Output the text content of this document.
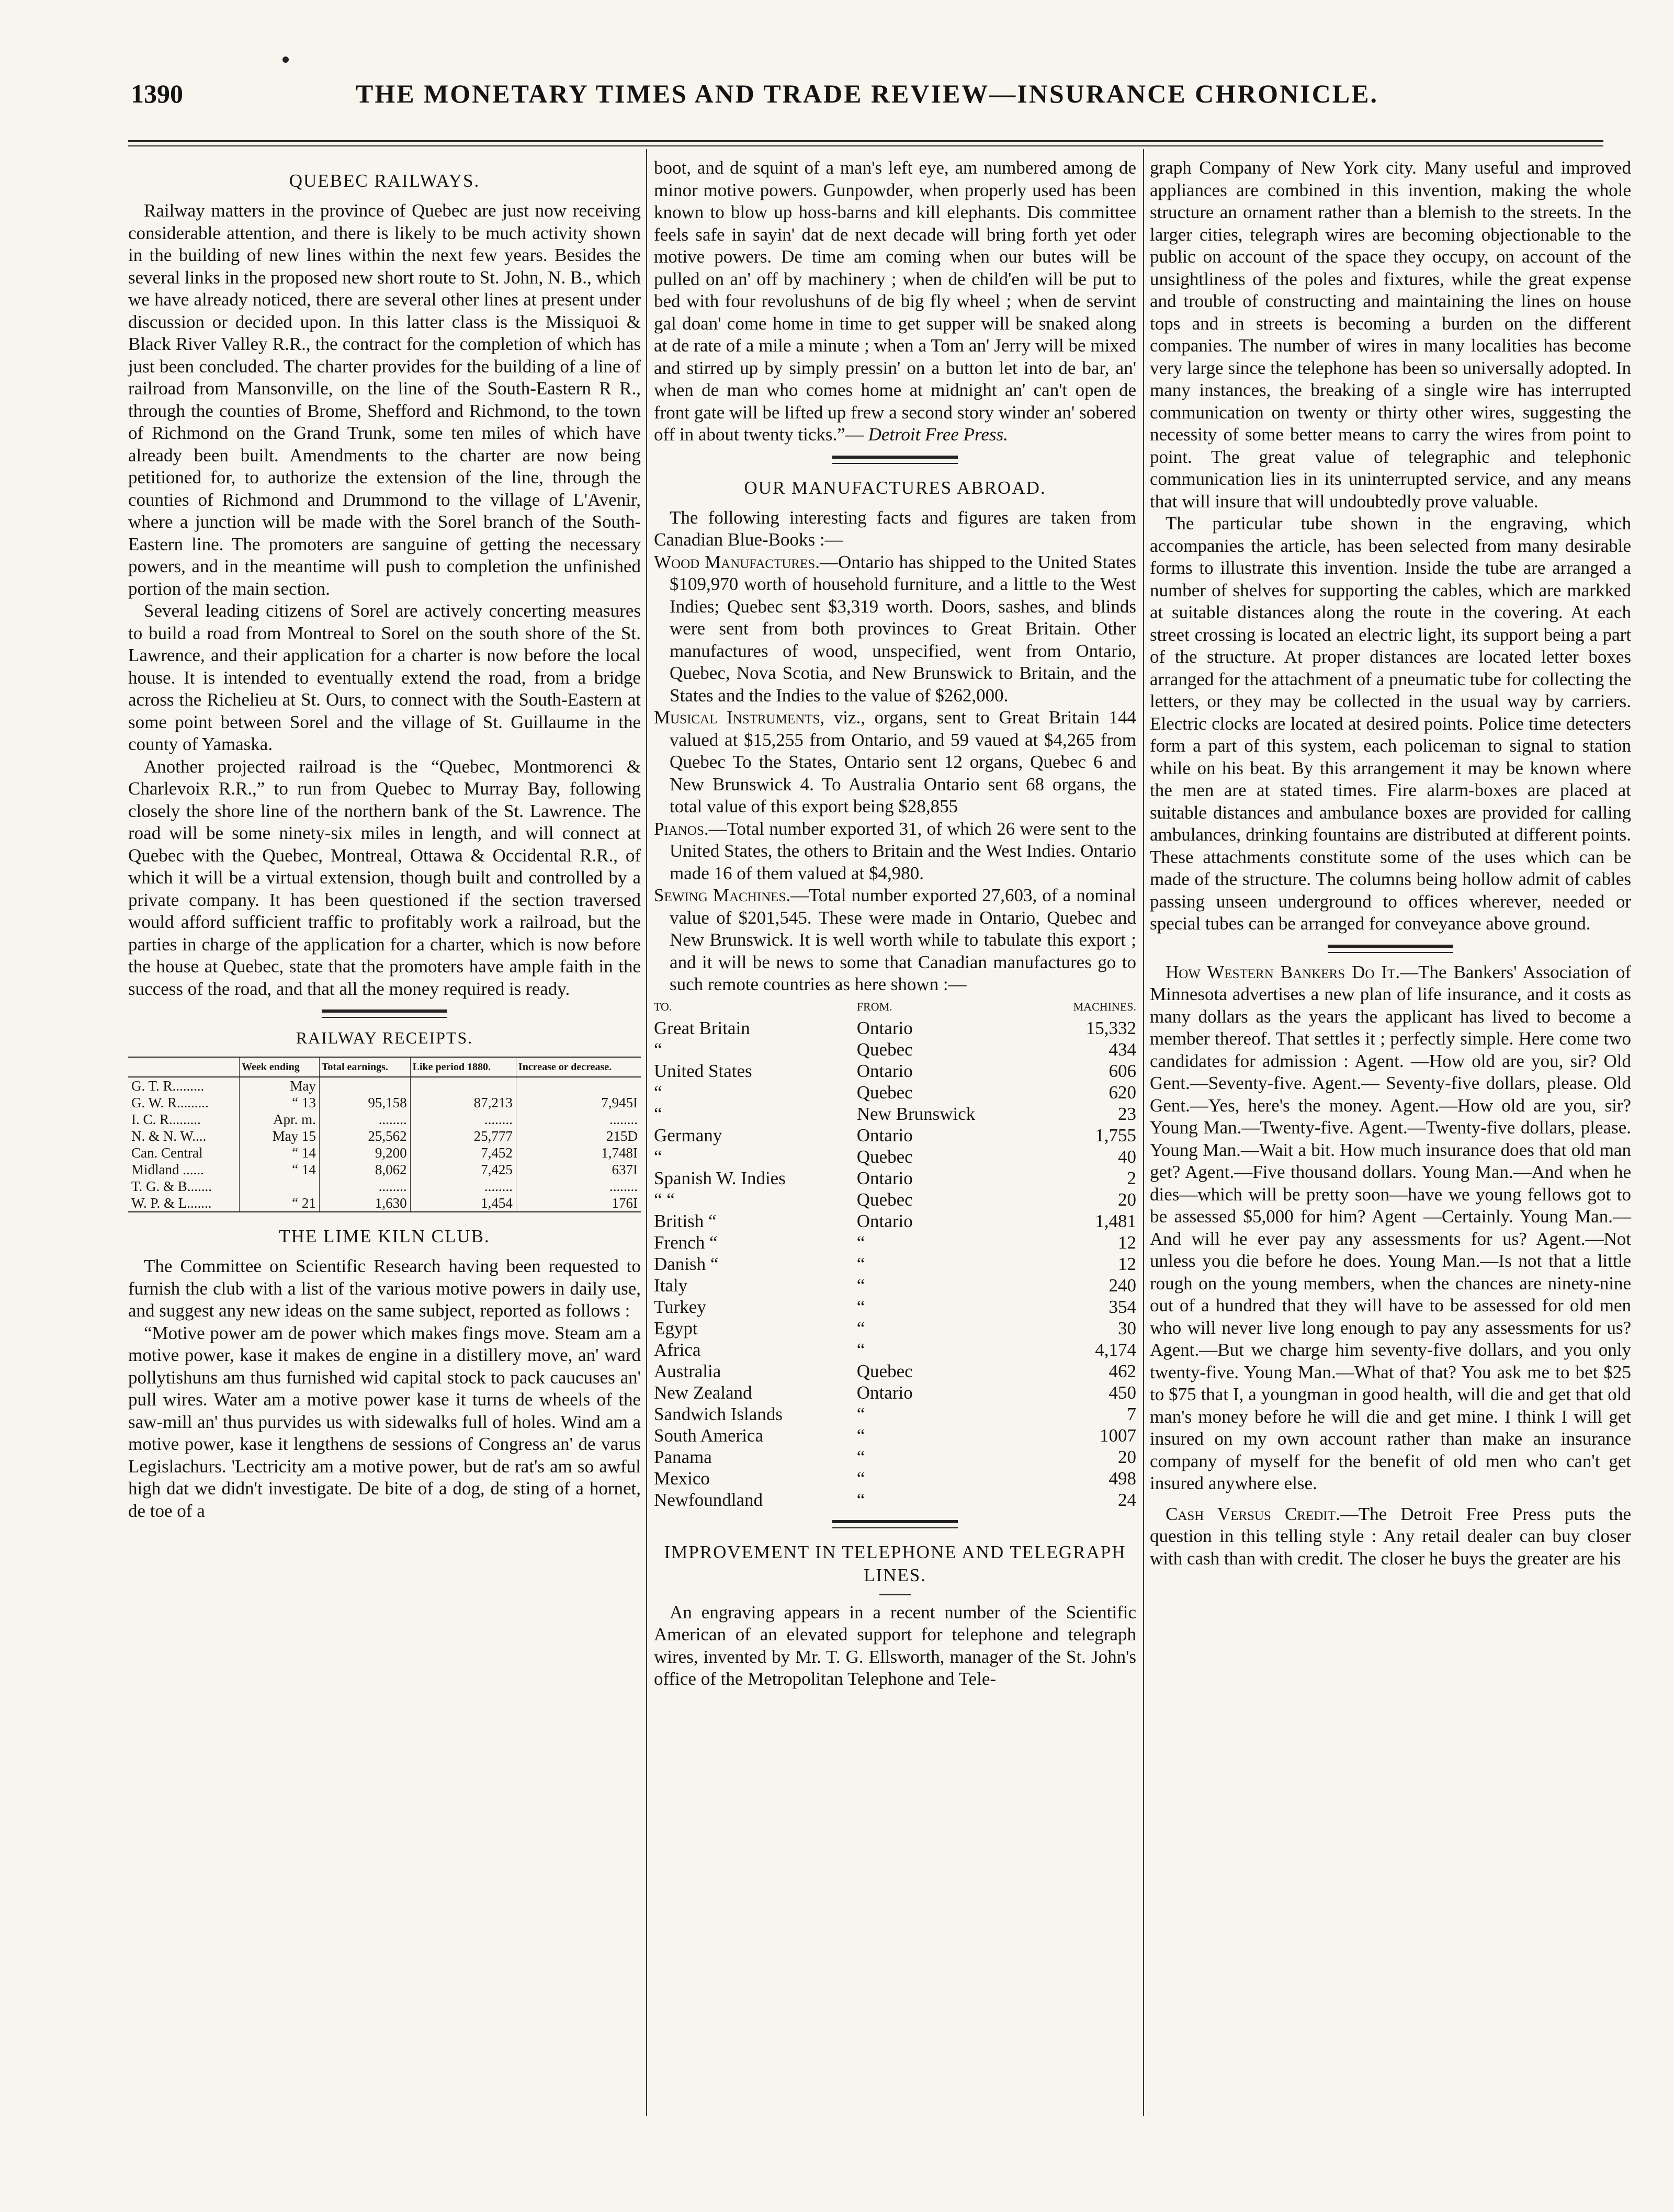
1390	THE MONETARY TIMES AND TRADE REVIEW—INSURANCE CHRONICLE.
QUEBEC RAILWAYS.

Railway matters in the province of Quebec are just now receiving considerable attention, and there is likely to be much activity shown in the building of new lines within the next few years. Besides the several links in the proposed new short route to St. John, N. B., which we have already noticed, there are several other lines at present under discussion or decided upon. In this latter class is the Missiquoi & Black River Valley R.R., the contract for the completion of which has just been concluded. The charter provides for the building of a line of railroad from Mansonville, on the line of the South-Eastern R R., through the counties of Brome, Shefford and Richmond, to the town of Richmond on the Grand Trunk, some ten miles of which have already been built. Amendments to the charter are now being petitioned for, to authorize the extension of the line, through the counties of Richmond and Drummond to the village of L'Avenir, where a junction will be made with the Sorel branch of the South-Eastern line. The promoters are sanguine of getting the necessary powers, and in the meantime will push to completion the unfinished portion of the main section.

Several leading citizens of Sorel are actively concerting measures to build a road from Montreal to Sorel on the south shore of the St. Lawrence, and their application for a charter is now before the local house. It is intended to eventually extend the road, from a bridge across the Richelieu at St. Ours, to connect with the South-Eastern at some point between Sorel and the village of St. Guillaume in the county of Yamaska.

Another projected railroad is the “Quebec, Montmorenci & Charlevoix R.R.,” to run from Quebec to Murray Bay, following closely the shore line of the northern bank of the St. Lawrence. The road will be some ninety-six miles in length, and will connect at Quebec with the Quebec, Montreal, Ottawa & Occidental R.R., of which it will be a virtual extension, though built and controlled by a private company. It has been questioned if the section traversed would afford sufficient traffic to profitably work a railroad, but the parties in charge of the application for a charter, which is now before the house at Quebec, state that the promoters have ample faith in the success of the road, and that all the money required is ready.

RAILWAY RECEIPTS.
	Week ending	Total earnings.	Like period 1880.	Increase or decrease.
G. T. R.........	May			
G. W. R.........	“ 13	95,158	87,213	7,945I
I. C. R.........	Apr. m.	........	........	........
N. & N. W....	May 15	25,562	25,777	215D
Can. Central	“ 14	9,200	7,452	1,748I
Midland ......	“ 14	8,062	7,425	637I
T. G. & B.......		........	........	........
W. P. & L.......	“ 21	1,630	1,454	176I
THE LIME KILN CLUB.

The Committee on Scientific Research having been requested to furnish the club with a list of the various motive powers in daily use, and suggest any new ideas on the same subject, reported as follows :

“Motive power am de power which makes fings move. Steam am a motive power, kase it makes de engine in a distillery move, an' ward pollytishuns am thus furnished wid capital stock to pack caucuses an' pull wires. Water am a motive power kase it turns de wheels of the saw-mill an' thus purvides us with sidewalks full of holes. Wind am a motive power, kase it lengthens de sessions of Congress an' de varus Legislachurs. 'Lectricity am a motive power, but de rat's am so awful high dat we didn't investigate. De bite of a dog, de sting of a hornet, de toe of a

boot, and de squint of a man's left eye, am numbered among de minor motive powers. Gunpowder, when properly used has been known to blow up hoss-barns and kill elephants. Dis committee feels safe in sayin' dat de next decade will bring forth yet oder motive powers. De time am coming when our butes will be pulled on an' off by machinery ; when de child'en will be put to bed with four revolushuns of de big fly wheel ; when de servint gal doan' come home in time to get supper will be snaked along at de rate of a mile a minute ; when a Tom an' Jerry will be mixed and stirred up by simply pressin' on a button let into de bar, an' when de man who comes home at midnight an' can't open de front gate will be lifted up frew a second story winder an' sobered off in about twenty ticks.”— Detroit Free Press.

OUR MANUFACTURES ABROAD.

The following interesting facts and figures are taken from Canadian Blue-Books :—

Wood Manufactures.—Ontario has shipped to the United States $109,970 worth of household furniture, and a little to the West Indies; Quebec sent $3,319 worth. Doors, sashes, and blinds were sent from both provinces to Great Britain. Other manufactures of wood, unspecified, went from Ontario, Quebec, Nova Scotia, and New Brunswick to Britain, and the States and the Indies to the value of $262,000.

Musical Instruments, viz., organs, sent to Great Britain 144 valued at $15,255 from Ontario, and 59 vaued at $4,265 from Quebec To the States, Ontario sent 12 organs, Quebec 6 and New Brunswick 4. To Australia Ontario sent 68 organs, the total value of this export being $28,855

Pianos.—Total number exported 31, of which 26 were sent to the United States, the others to Britain and the West Indies. Ontario made 16 of them valued at $4,980.

Sewing Machines.—Total number exported 27,603, of a nominal value of $201,545. These were made in Ontario, Quebec and New Brunswick. It is well worth while to tabulate this export ; and it will be news to some that Canadian manufactures go to such remote countries as here shown :—

TO.	FROM.	MACHINES.
Great Britain	Ontario	15,332
“	Quebec	434
United States	Ontario	606
“	Quebec	620
“	New Brunswick	23
Germany	Ontario	1,755
“	Quebec	40
Spanish W. Indies	Ontario	2
“ “	Quebec	20
British “	Ontario	1,481
French “	“	12
Danish “	“	12
Italy	“	240
Turkey	“	354
Egypt	“	30
Africa	“	4,174
Australia	Quebec	462
New Zealand	Ontario	450
Sandwich Islands	“	7
South America	“	1007
Panama	“	20
Mexico	“	498
Newfoundland	“	24
IMPROVEMENT IN TELEPHONE AND TELEGRAPH LINES.

An engraving appears in a recent number of the Scientific American of an elevated support for telephone and telegraph wires, invented by Mr. T. G. Ellsworth, manager of the St. John's office of the Metropolitan Telephone and Tele-

graph Company of New York city. Many useful and improved appliances are combined in this invention, making the whole structure an ornament rather than a blemish to the streets. In the larger cities, telegraph wires are becoming objectionable to the public on account of the space they occupy, on account of the unsightliness of the poles and fixtures, while the great expense and trouble of constructing and maintaining the lines on house tops and in streets is becoming a burden on the different companies. The number of wires in many localities has become very large since the telephone has been so universally adopted. In many instances, the breaking of a single wire has interrupted communication on twenty or thirty other wires, suggesting the necessity of some better means to carry the wires from point to point. The great value of telegraphic and telephonic communication lies in its uninterrupted service, and any means that will insure that will undoubtedly prove valuable.

The particular tube shown in the engraving, which accompanies the article, has been selected from many desirable forms to illustrate this invention. Inside the tube are arranged a number of shelves for supporting the cables, which are markked at suitable distances along the route in the covering. At each street crossing is located an electric light, its support being a part of the structure. At proper distances are located letter boxes arranged for the attachment of a pneumatic tube for collecting the letters, or they may be collected in the usual way by carriers. Electric clocks are located at desired points. Police time detecters form a part of this system, each policeman to signal to station while on his beat. By this arrangement it may be known where the men are at stated times. Fire alarm-boxes are placed at suitable distances and ambulance boxes are provided for calling ambulances, drinking fountains are distributed at different points. These attachments constitute some of the uses which can be made of the structure. The columns being hollow admit of cables passing unseen underground to offices wherever, needed or special tubes can be arranged for conveyance above ground.

How Western Bankers Do It.—The Bankers' Association of Minnesota advertises a new plan of life insurance, and it costs as many dollars as the years the applicant has lived to become a member thereof. That settles it ; perfectly simple. Here come two candidates for admission : Agent. —How old are you, sir? Old Gent.—Seventy-five. Agent.— Seventy-five dollars, please. Old Gent.—Yes, here's the money. Agent.—How old are you, sir? Young Man.—Twenty-five. Agent.—Twenty-five dollars, please. Young Man.—Wait a bit. How much insurance does that old man get? Agent.—Five thousand dollars. Young Man.—And when he dies—which will be pretty soon—have we young fellows got to be assessed $5,000 for him? Agent —Certainly. Young Man.—And will he ever pay any assessments for us? Agent.—Not unless you die before he does. Young Man.—Is not that a little rough on the young members, when the chances are ninety-nine out of a hundred that they will have to be assessed for old men who will never live long enough to pay any assessments for us? Agent.—But we charge him seventy-five dollars, and you only twenty-five. Young Man.—What of that? You ask me to bet $25 to $75 that I, a youngman in good health, will die and get that old man's money before he will die and get mine. I think I will get insured on my own account rather than make an insurance company of myself for the benefit of old men who can't get insured anywhere else.

Cash Versus Credit.—The Detroit Free Press puts the question in this telling style : Any retail dealer can buy closer with cash than with credit. The closer he buys the greater are his
